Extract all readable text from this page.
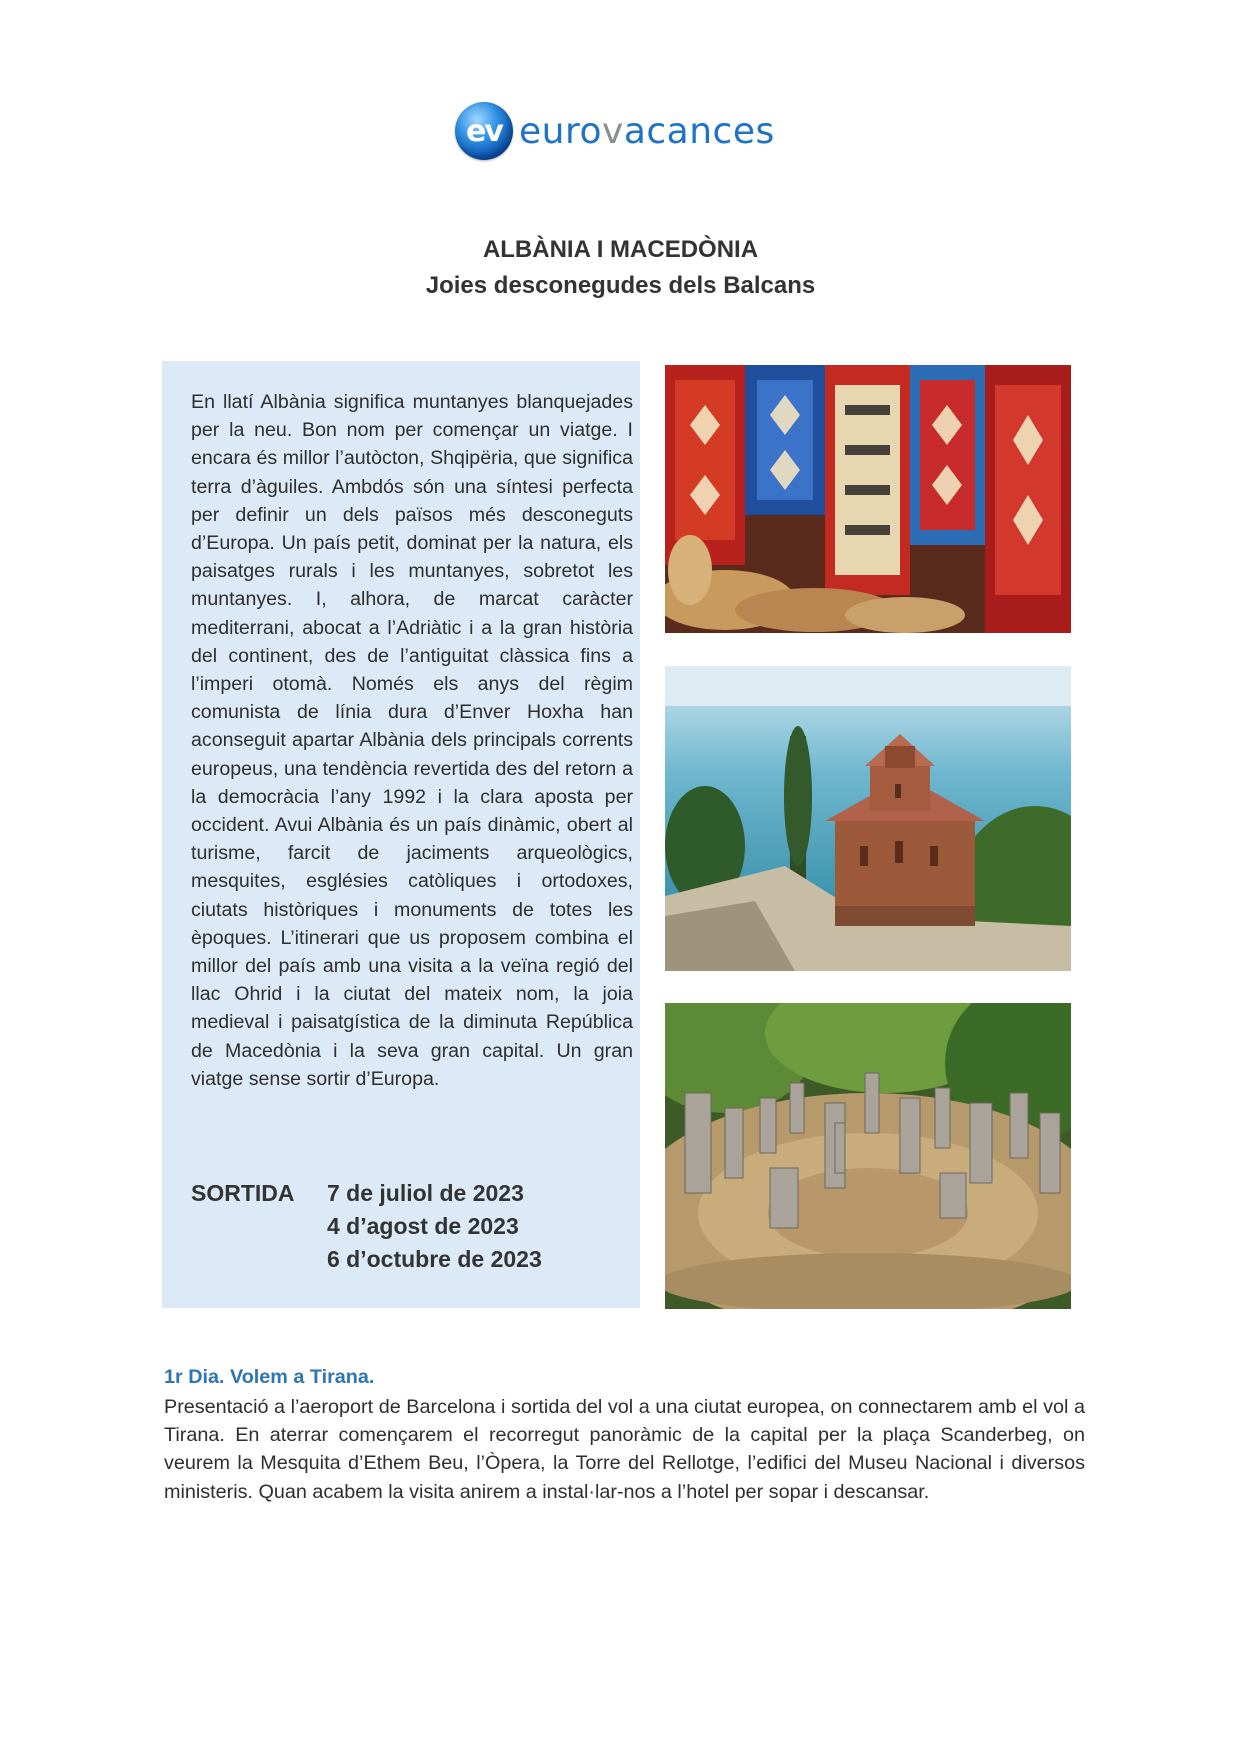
ev eurovacances
ALBÀNIA I MACEDÒNIA
Joies desconegudes dels Balcans
En llatí Albània significa muntanyes blanquejades per la neu. Bon nom per començar un viatge. I encara és millor l’autòcton, Shqipëria, que significa terra d’àguiles. Ambdós són una síntesi perfecta per definir un dels països més desconeguts d’Europa. Un país petit, dominat per la natura, els paisatges rurals i les muntanyes, sobretot les muntanyes. I, alhora, de marcat caràcter mediterrani, abocat a l’Adriàtic i a la gran història del continent, des de l’antiguitat clàssica fins a l’imperi otomà. Només els anys del règim comunista de línia dura d’Enver Hoxha han aconseguit apartar Albània dels principals corrents europeus, una tendència revertida des del retorn a la democràcia l’any 1992 i la clara aposta per occident. Avui Albània és un país dinàmic, obert al turisme, farcit de jaciments arqueològics, mesquites, esglésies catòliques i ortodoxes, ciutats històriques i monuments de totes les èpoques. L’itinerari que us proposem combina el millor del país amb una visita a la veïna regió del llac Ohrid i la ciutat del mateix nom, la joia medieval i paisatgística de la diminuta República de Macedònia i la seva gran capital. Un gran viatge sense sortir d’Europa.
SORTIDA	7 de juliol de 2023
4 d’agost de 2023
6 d’octubre de 2023
1r Dia. Volem a Tirana.
Presentació a l’aeroport de Barcelona i sortida del vol a una ciutat europea, on connectarem amb el vol a Tirana. En aterrar començarem el recorregut panoràmic de la capital per la plaça Scanderbeg, on veurem la Mesquita d’Ethem Beu, l’Òpera, la Torre del Rellotge, l’edifici del Museu Nacional i diversos ministeris. Quan acabem la visita anirem a instal·lar-nos a l’hotel per sopar i descansar.
